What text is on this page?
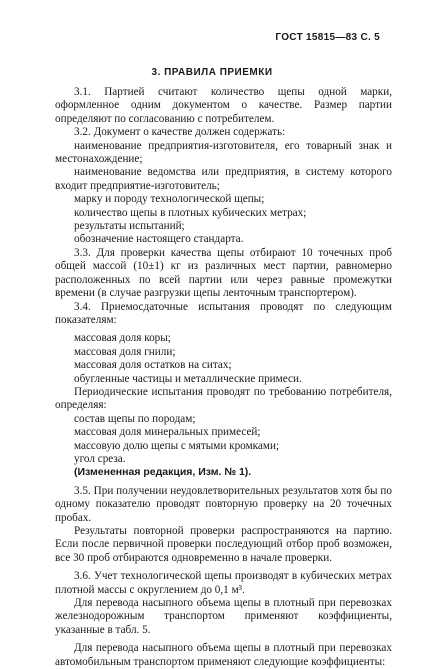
ГОСТ 15815—83 С. 5
3. ПРАВИЛА ПРИЕМКИ

3.1. Партией считают количество щепы одной марки, оформленное одним документом о качестве. Размер партии определяют по согласованию с потребителем.

3.2. Документ о качестве должен содержать:

наименование предприятия-изготовителя, его товарный знак и местонахождение;

наименование ведомства или предприятия, в систему которого входит предприятие-изготовитель;

марку и породу технологической щепы;

количество щепы в плотных кубических метрах;

результаты испытаний;

обозначение настоящего стандарта.

3.3. Для проверки качества щепы отбирают 10 точечных проб общей массой (10±1) кг из различных мест партии, равномерно расположенных по всей партии или через равные промежутки времени (в случае разгрузки щепы ленточным транспортером).

3.4. Приемосдаточные испытания проводят по следующим показателям:

массовая доля коры;

массовая доля гнили;

массовая доля остатков на ситах;

обугленные частицы и металлические примеси.

Периодические испытания проводят по требованию потребителя, определяя:

состав щепы по породам;

массовая доля минеральных примесей;

массовую долю щепы с мятыми кромками;

угол среза.

(Измененная редакция, Изм. № 1).

3.5. При получении неудовлетворительных результатов хотя бы по одному показателю проводят повторную проверку на 20 точечных пробах.

Результаты повторной проверки распространяются на партию. Если после первичной проверки последующий отбор проб возможен, все 30 проб отбираются одновременно в начале проверки.

3.6. Учет технологической щепы производят в кубических метрах плотной массы с округлением до 0,1 м³.

Для перевода насыпного объема щепы в плотный при перевозках железнодорожным транспортом применяют коэффициенты, указанные в табл. 5.

Для перевода насыпного объема щепы в плотный при перевозках автомобильным транспортом применяют следующие коэффициенты:
